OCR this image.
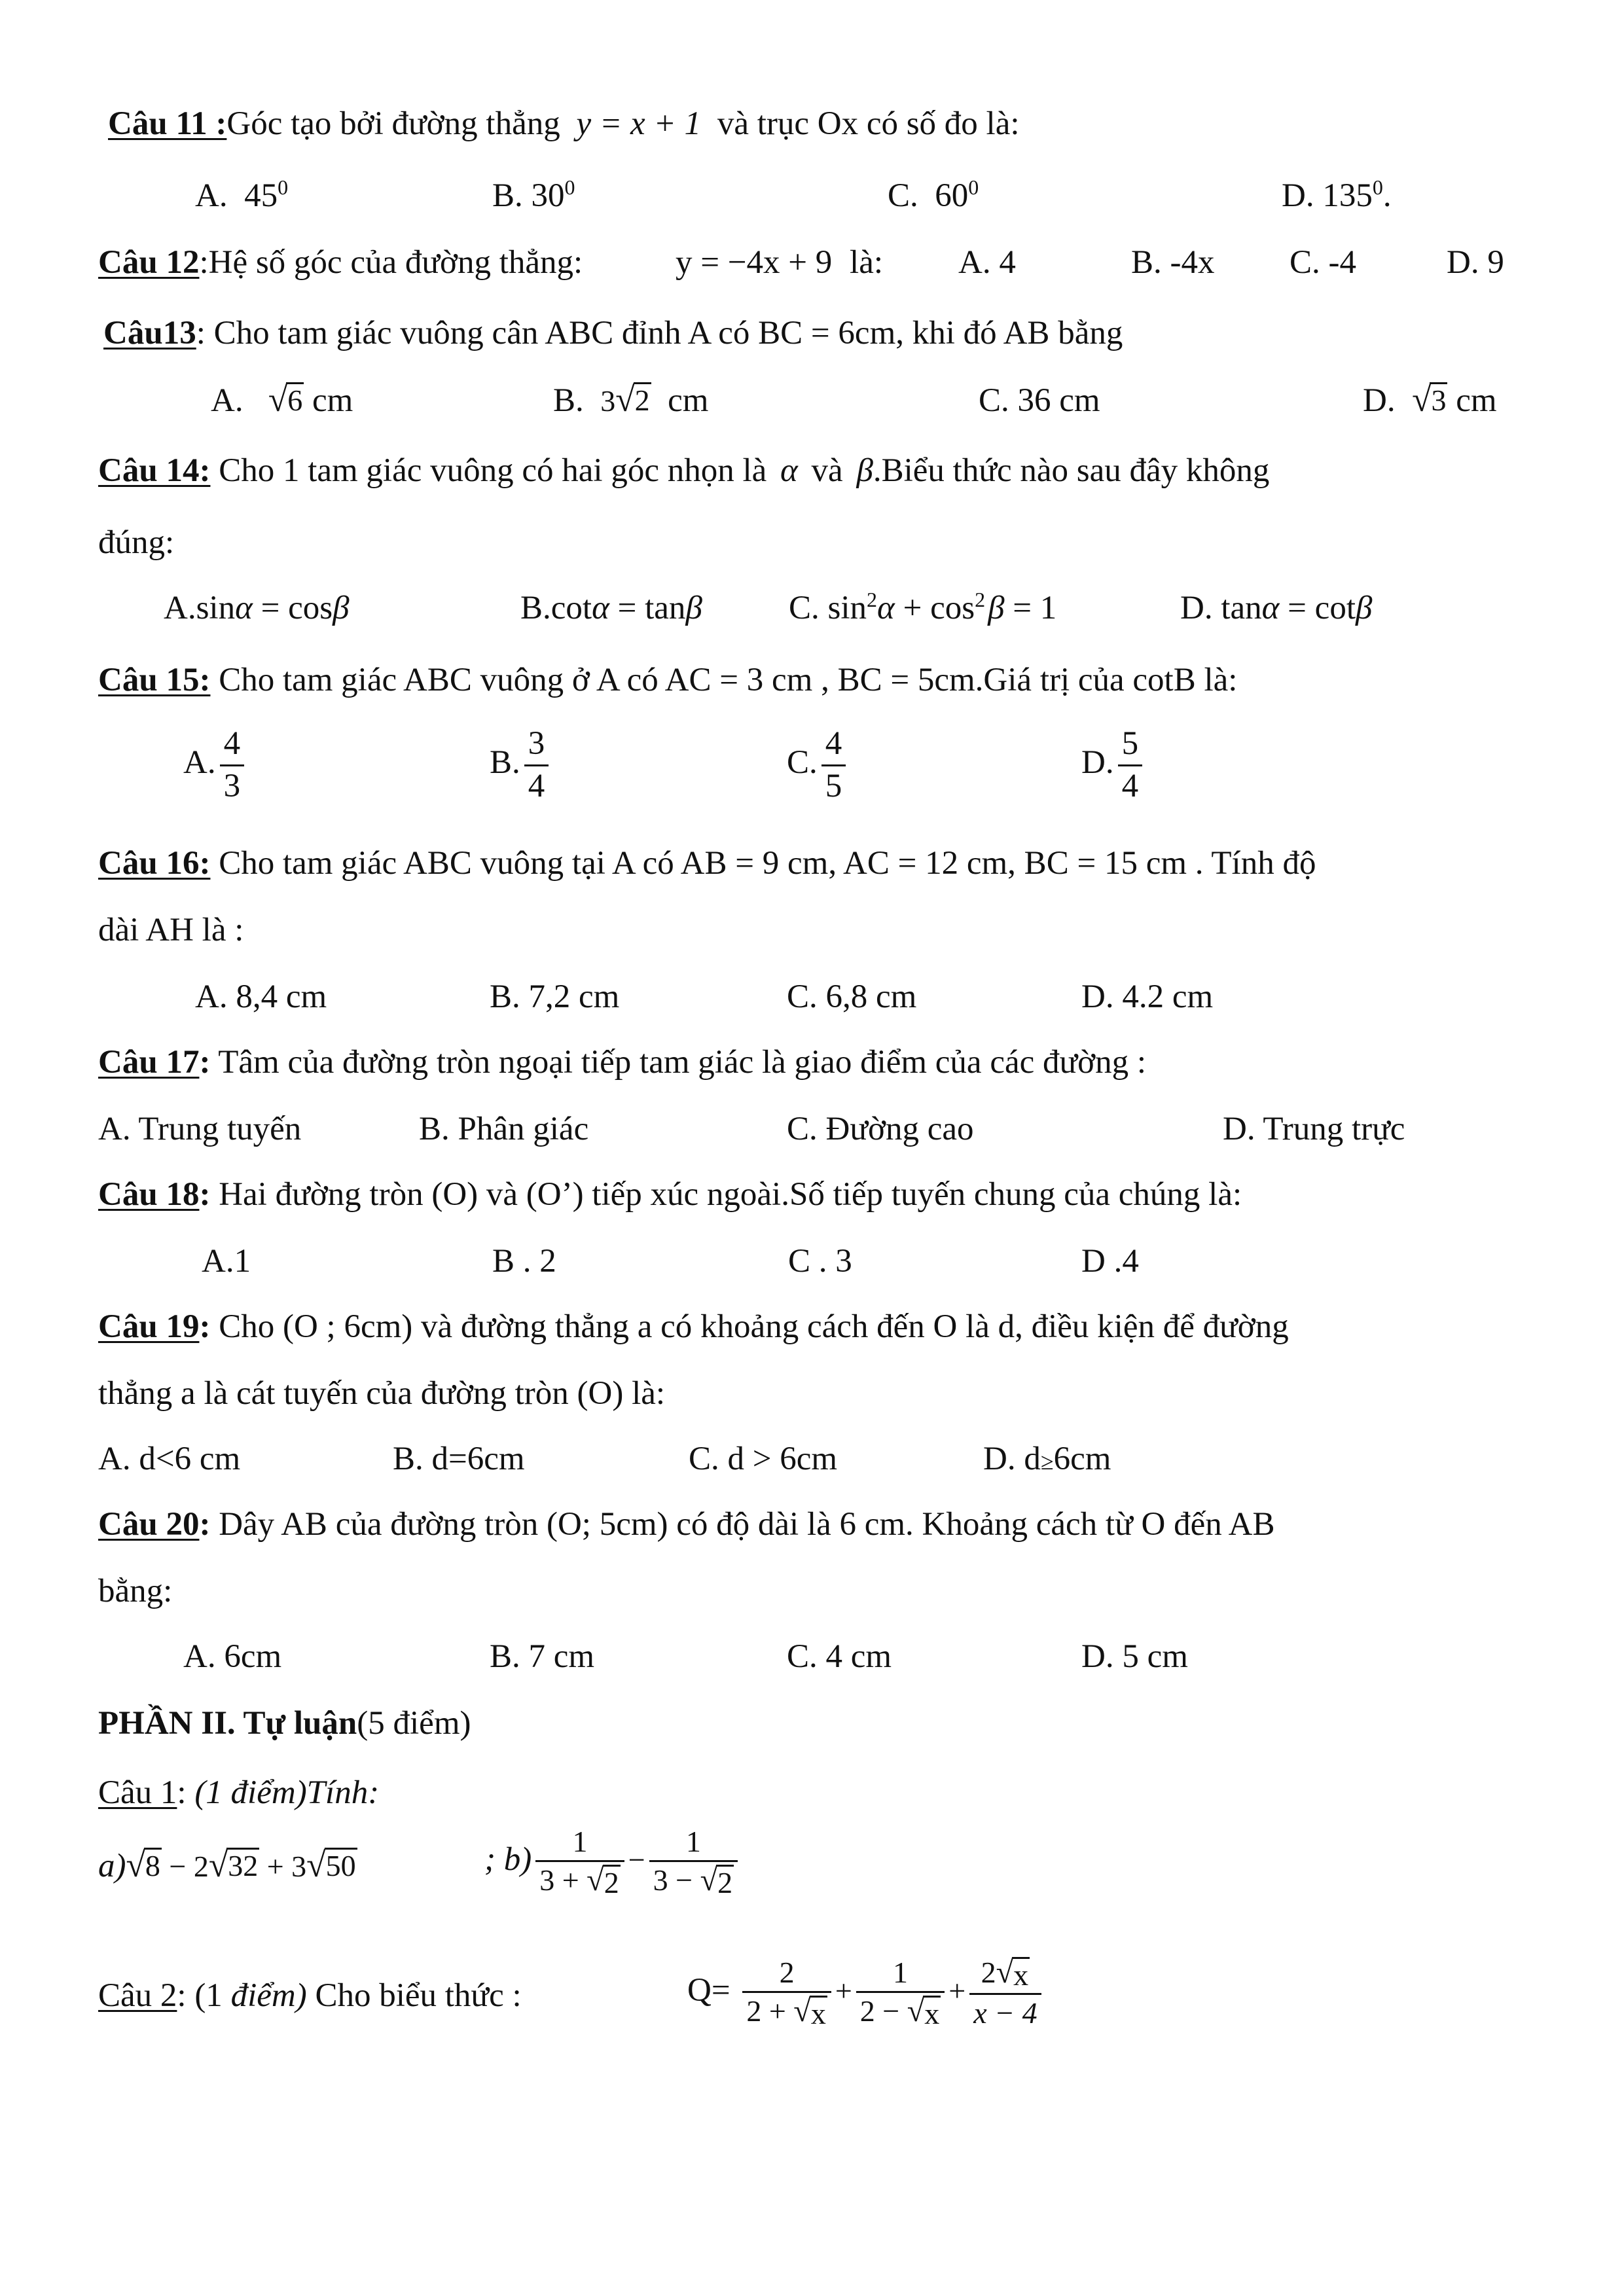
Câu 11 :Góc tạo bởi đường thẳng y = x + 1 và trục Ox có số đo là:
A. $45^0$	B. $30^0$	C. $60^0$	D. $135^0$.
Câu 12:Hệ số góc của đường thẳng:	y = −4x + 9 là: A. 4	B. -4x C. -4	D. 9
Câu13: Cho tam giác vuông cân ABC đỉnh A có BC = 6cm, khi đó AB bằng
A. √ 6 cm	B. 3 √ 2 cm	C. 36 cm	D. √ 3 cm
Câu 14: Cho 1 tam giác vuông có hai góc nhọn là α và β.Biểu thức nào sau đây không
đúng:
A.sinα = cosβ	B.cotα = tanβ	C. $\sin^2\alpha + \cos^2\beta = 1$	D. tanα = cotβ
Câu 15: Cho tam giác ABC vuông ở A có AC = 3 cm , BC = 5cm.Giá trị của cotB là:
A. $\frac{4}{3}$	B. $\frac{3}{4}$	C. $\frac{4}{5}$	D. $\frac{5}{4}$
Câu 16: Cho tam giác ABC vuông tại A có AB = 9 cm, AC = 12 cm, BC = 15 cm . Tính độ
dài AH là :
A. 8,4 cm	B. 7,2 cm	C. 6,8 cm	D. 4.2 cm
Câu 17: Tâm của đường tròn ngoại tiếp tam giác là giao điểm của các đường :
A. Trung tuyến	B. Phân giác	C. Đường cao	D. Trung trực
Câu 18: Hai đường tròn (O) và (O’) tiếp xúc ngoài.Số tiếp tuyến chung của chúng là:
A.1	B . 2	C . 3	D .4
Câu 19: Cho (O ; 6cm) và đường thẳng a có khoảng cách đến O là d, điều kiện để đường
thẳng a là cát tuyến của đường tròn (O) là:
A. d<6 cm	B. d=6cm	C. d > 6cm	D. d≥6cm
Câu 20: Dây AB của đường tròn (O; 5cm) có độ dài là 6 cm. Khoảng cách từ O đến AB
bằng:
A. 6cm	B. 7 cm	C. 4 cm	D. 5 cm
PHẦN II. Tự luận(5 điểm)
Câu 1: (1 điểm)Tính:
a) √ 8 − 2 √ 32 + 3 √ 50	; $b) \frac{1}{3 + √ 2} - \frac{1}{3 - √ 2}$
Câu 2: (1 điểm) Cho biểu thức :	$Q= \frac{2}{2 + √ x} + \frac{1}{2 - √ x} + \frac{2 √ x}{x - 4}$
